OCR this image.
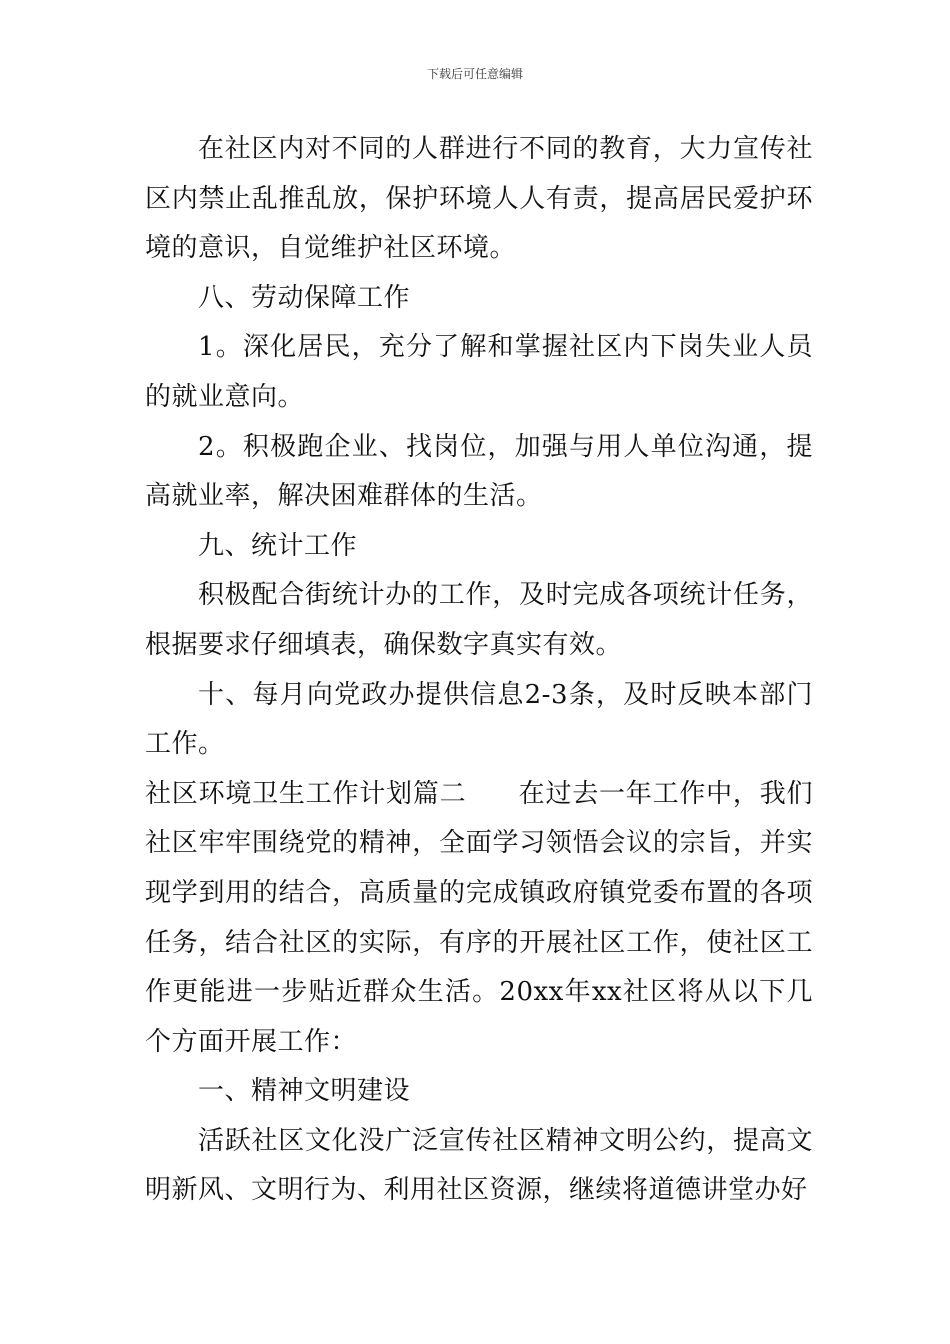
下载后可任意编辑

在社区内对不同的人群进行不同的教育，大力宣传社区内禁止乱推乱放，保护环境人人有责，提高居民爱护环境的意识，自觉维护社区环境。

八、劳动保障工作

1。深化居民，充分了解和掌握社区内下岗失业人员的就业意向。

2。积极跑企业、找岗位，加强与用人单位沟通，提高就业率，解决困难群体的生活。

九、统计工作

积极配合街统计办的工作，及时完成各项统计任务，根据要求仔细填表，确保数字真实有效。

十、每月向党政办提供信息2-3条，及时反映本部门工作。

社区环境卫生工作计划篇二 在过去一年工作中，我们社区牢牢围绕党的精神，全面学习领悟会议的宗旨，并实现学到用的结合，高质量的完成镇政府镇党委布置的各项任务，结合社区的实际，有序的开展社区工作，使社区工作更能进一步贴近群众生活。20xx年xx社区将从以下几个方面开展工作：

一、精神文明建设

活跃社区文化没广泛宣传社区精神文明公约，提高文明新风、文明行为、利用社区资源，继续将道德讲堂办好
